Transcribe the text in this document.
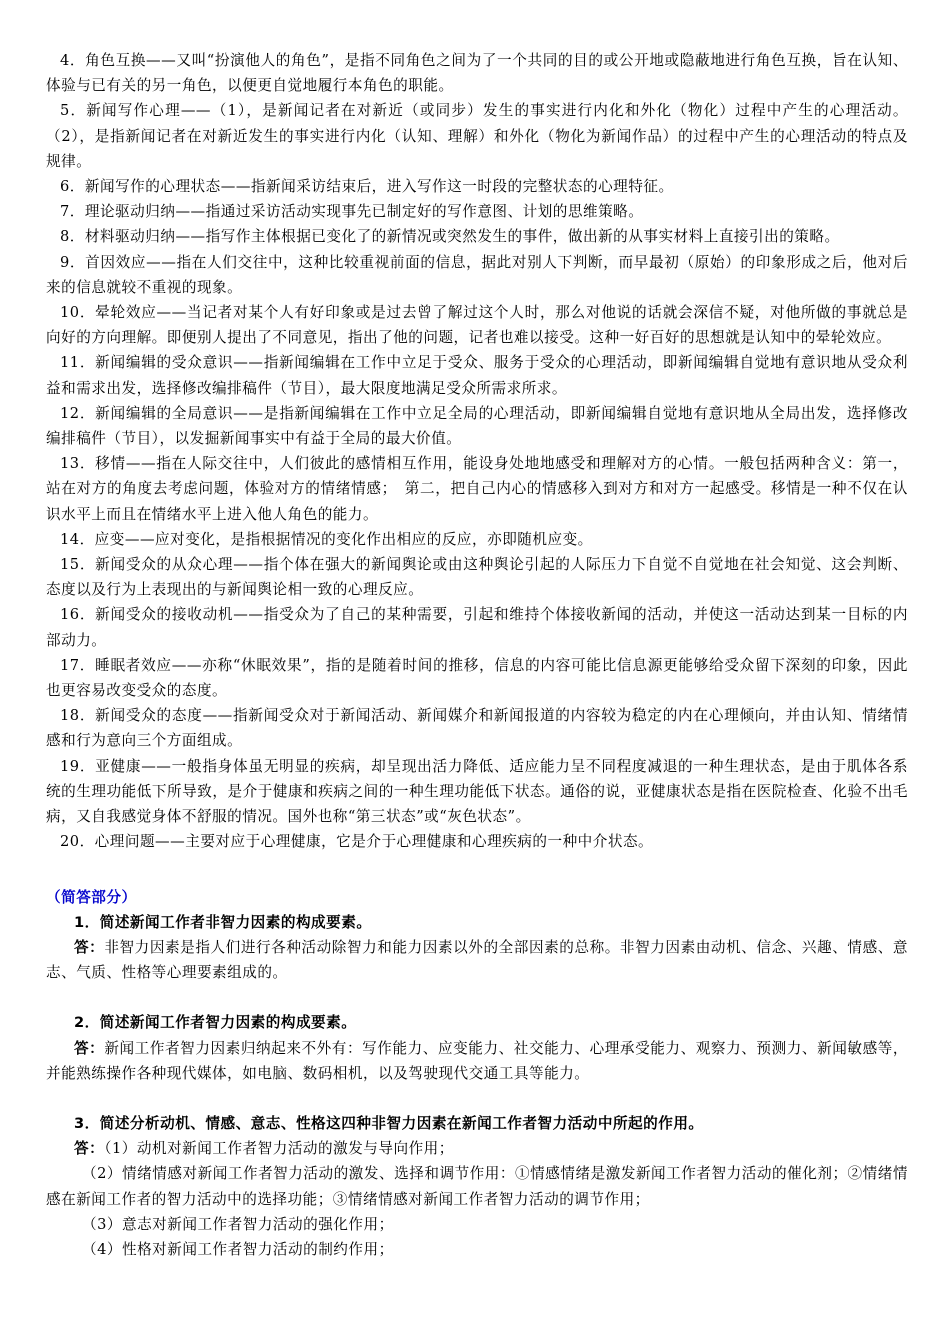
4．角色互换——又叫“扮演他人的角色”，是指不同角色之间为了一个共同的目的或公开地或隐蔽地进行角色互换，旨在认知、体验与已有关的另一角色，以便更自觉地履行本角色的职能。

5．新闻写作心理——（1），是新闻记者在对新近（或同步）发生的事实进行内化和外化（物化）过程中产生的心理活动。（2），是指新闻记者在对新近发生的事实进行内化（认知、理解）和外化（物化为新闻作品）的过程中产生的心理活动的特点及规律。

6．新闻写作的心理状态——指新闻采访结束后，进入写作这一时段的完整状态的心理特征。

7．理论驱动归纳——指通过采访活动实现事先已制定好的写作意图、计划的思维策略。

8．材料驱动归纳——指写作主体根据已变化了的新情况或突然发生的事件，做出新的从事实材料上直接引出的策略。

9．首因效应——指在人们交往中，这种比较重视前面的信息，据此对别人下判断，而早最初（原始）的印象形成之后，他对后来的信息就较不重视的现象。

10．晕轮效应——当记者对某个人有好印象或是过去曾了解过这个人时，那么对他说的话就会深信不疑，对他所做的事就总是向好的方向理解。即便别人提出了不同意见，指出了他的问题，记者也难以接受。这种一好百好的思想就是认知中的晕轮效应。

11．新闻编辑的受众意识——指新闻编辑在工作中立足于受众、服务于受众的心理活动，即新闻编辑自觉地有意识地从受众利益和需求出发，选择修改编排稿件（节目），最大限度地满足受众所需求所求。

12．新闻编辑的全局意识——是指新闻编辑在工作中立足全局的心理活动，即新闻编辑自觉地有意识地从全局出发，选择修改编排稿件（节目），以发掘新闻事实中有益于全局的最大价值。

13．移情——指在人际交往中，人们彼此的感情相互作用，能设身处地地感受和理解对方的心情。一般包括两种含义：第一，站在对方的角度去考虑问题，体验对方的情绪情感；　第二，把自己内心的情感移入到对方和对方一起感受。移情是一种不仅在认识水平上而且在情绪水平上进入他人角色的能力。

14．应变——应对变化，是指根据情况的变化作出相应的反应，亦即随机应变。

15．新闻受众的从众心理——指个体在强大的新闻舆论或由这种舆论引起的人际压力下自觉不自觉地在社会知觉、这会判断、态度以及行为上表现出的与新闻舆论相一致的心理反应。

16．新闻受众的接收动机——指受众为了自己的某种需要，引起和维持个体接收新闻的活动，并使这一活动达到某一目标的内部动力。

17．睡眠者效应——亦称“休眠效果”，指的是随着时间的推移，信息的内容可能比信息源更能够给受众留下深刻的印象，因此也更容易改变受众的态度。

18．新闻受众的态度——指新闻受众对于新闻活动、新闻媒介和新闻报道的内容较为稳定的内在心理倾向，并由认知、情绪情感和行为意向三个方面组成。

19．亚健康——一般指身体虽无明显的疾病，却呈现出活力降低、适应能力呈不同程度减退的一种生理状态，是由于肌体各系统的生理功能低下所导致，是介于健康和疾病之间的一种生理功能低下状态。通俗的说，亚健康状态是指在医院检查、化验不出毛病，又自我感觉身体不舒服的情况。国外也称“第三状态”或“灰色状态”。

20．心理问题——主要对应于心理健康，它是介于心理健康和心理疾病的一种中介状态。

（简答部分）

1．简述新闻工作者非智力因素的构成要素。

答：非智力因素是指人们进行各种活动除智力和能力因素以外的全部因素的总称。非智力因素由动机、信念、兴趣、情感、意志、气质、性格等心理要素组成的。

2．简述新闻工作者智力因素的构成要素。

答：新闻工作者智力因素归纳起来不外有：写作能力、应变能力、社交能力、心理承受能力、观察力、预测力、新闻敏感等，并能熟练操作各种现代媒体，如电脑、数码相机，以及驾驶现代交通工具等能力。

3．简述分析动机、情感、意志、性格这四种非智力因素在新闻工作者智力活动中所起的作用。

答：（1）动机对新闻工作者智力活动的激发与导向作用；

（2）情绪情感对新闻工作者智力活动的激发、选择和调节作用：①情感情绪是激发新闻工作者智力活动的催化剂；②情绪情感在新闻工作者的智力活动中的选择功能；③情绪情感对新闻工作者智力活动的调节作用；

（3）意志对新闻工作者智力活动的强化作用；

（4）性格对新闻工作者智力活动的制约作用；
